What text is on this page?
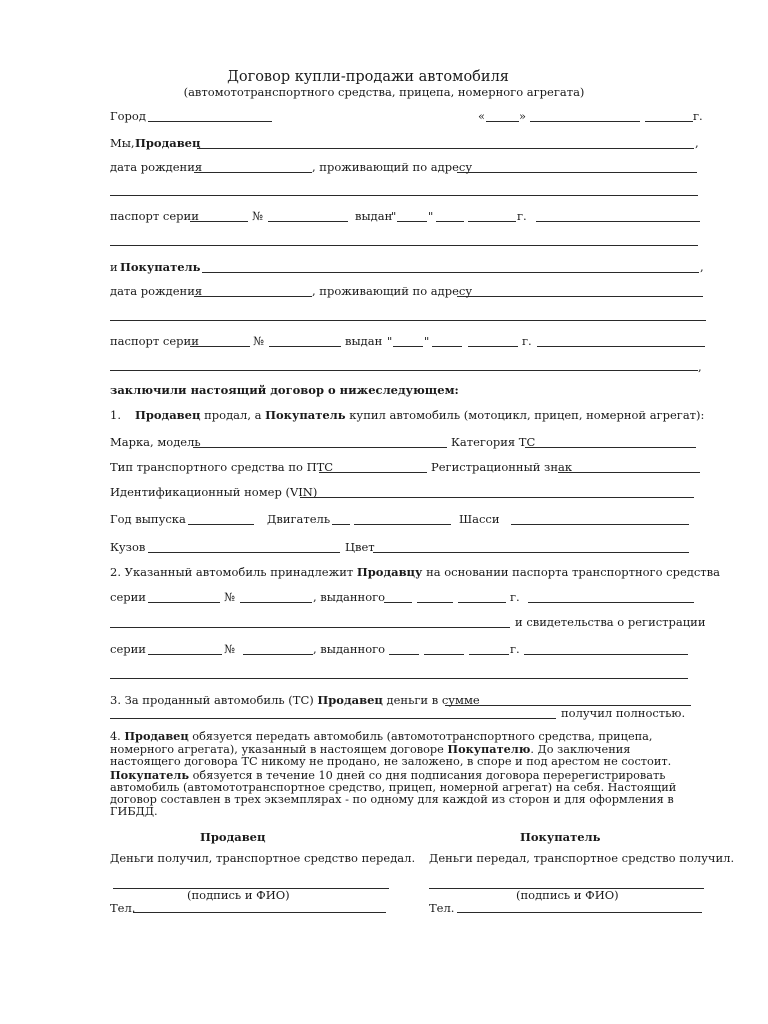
Договор купли-продажи автомобиля
(автомототранспортного средства, прицепа, номерного агрегата)
Город	«	»	г.
Мы, Продавец	,
дата рождения	, проживающий по адресу
паспорт серии	№	выдан
"	"	г.
и Покупатель	,
дата рождения	, проживающий по адресу
паспорт серии	№	выдан "	"	г.
,
заключили настоящий договор о нижеследующем:
1. Продавец продал, а Покупатель купил автомобиль (мотоцикл, прицеп, номерной агрегат):
Марка, модель	Категория ТС
Тип транспортного средства по ПТС	Регистрационный знак
Идентификационный номер (VIN)
Год выпуска	Двигатель	Шасси
Кузов	Цвет
2. Указанный автомобиль принадлежит Продавцу на основании паспорта транспортного средства
серии	№	, выданного	г.
и свидетельства о регистрации
серии	№	, выданного	г.
3. За проданный автомобиль (ТС) Продавец деньги в сумме
получил полностью.
4. Продавец обязуется передать автомобиль (автомототранспортного средства, прицепа, номерного агрегата), указанный в настоящем договоре Покупателю. До заключения настоящего договора ТС никому не продано, не заложено, в споре и под арестом не состоит. Покупатель обязуется в течение 10 дней со дня подписания договора перерегистрировать автомобиль (автомототранспортное средство, прицеп, номерной агрегат) на себя. Настоящий договор составлен в трех экземплярах - по одному для каждой из сторон и для оформления в ГИБДД.
Продавец	Покупатель
Деньги получил, транспортное средство передал. Деньги передал, транспортное средство получил.
(подпись и ФИО)	(подпись и ФИО)
Тел.	Тел.
